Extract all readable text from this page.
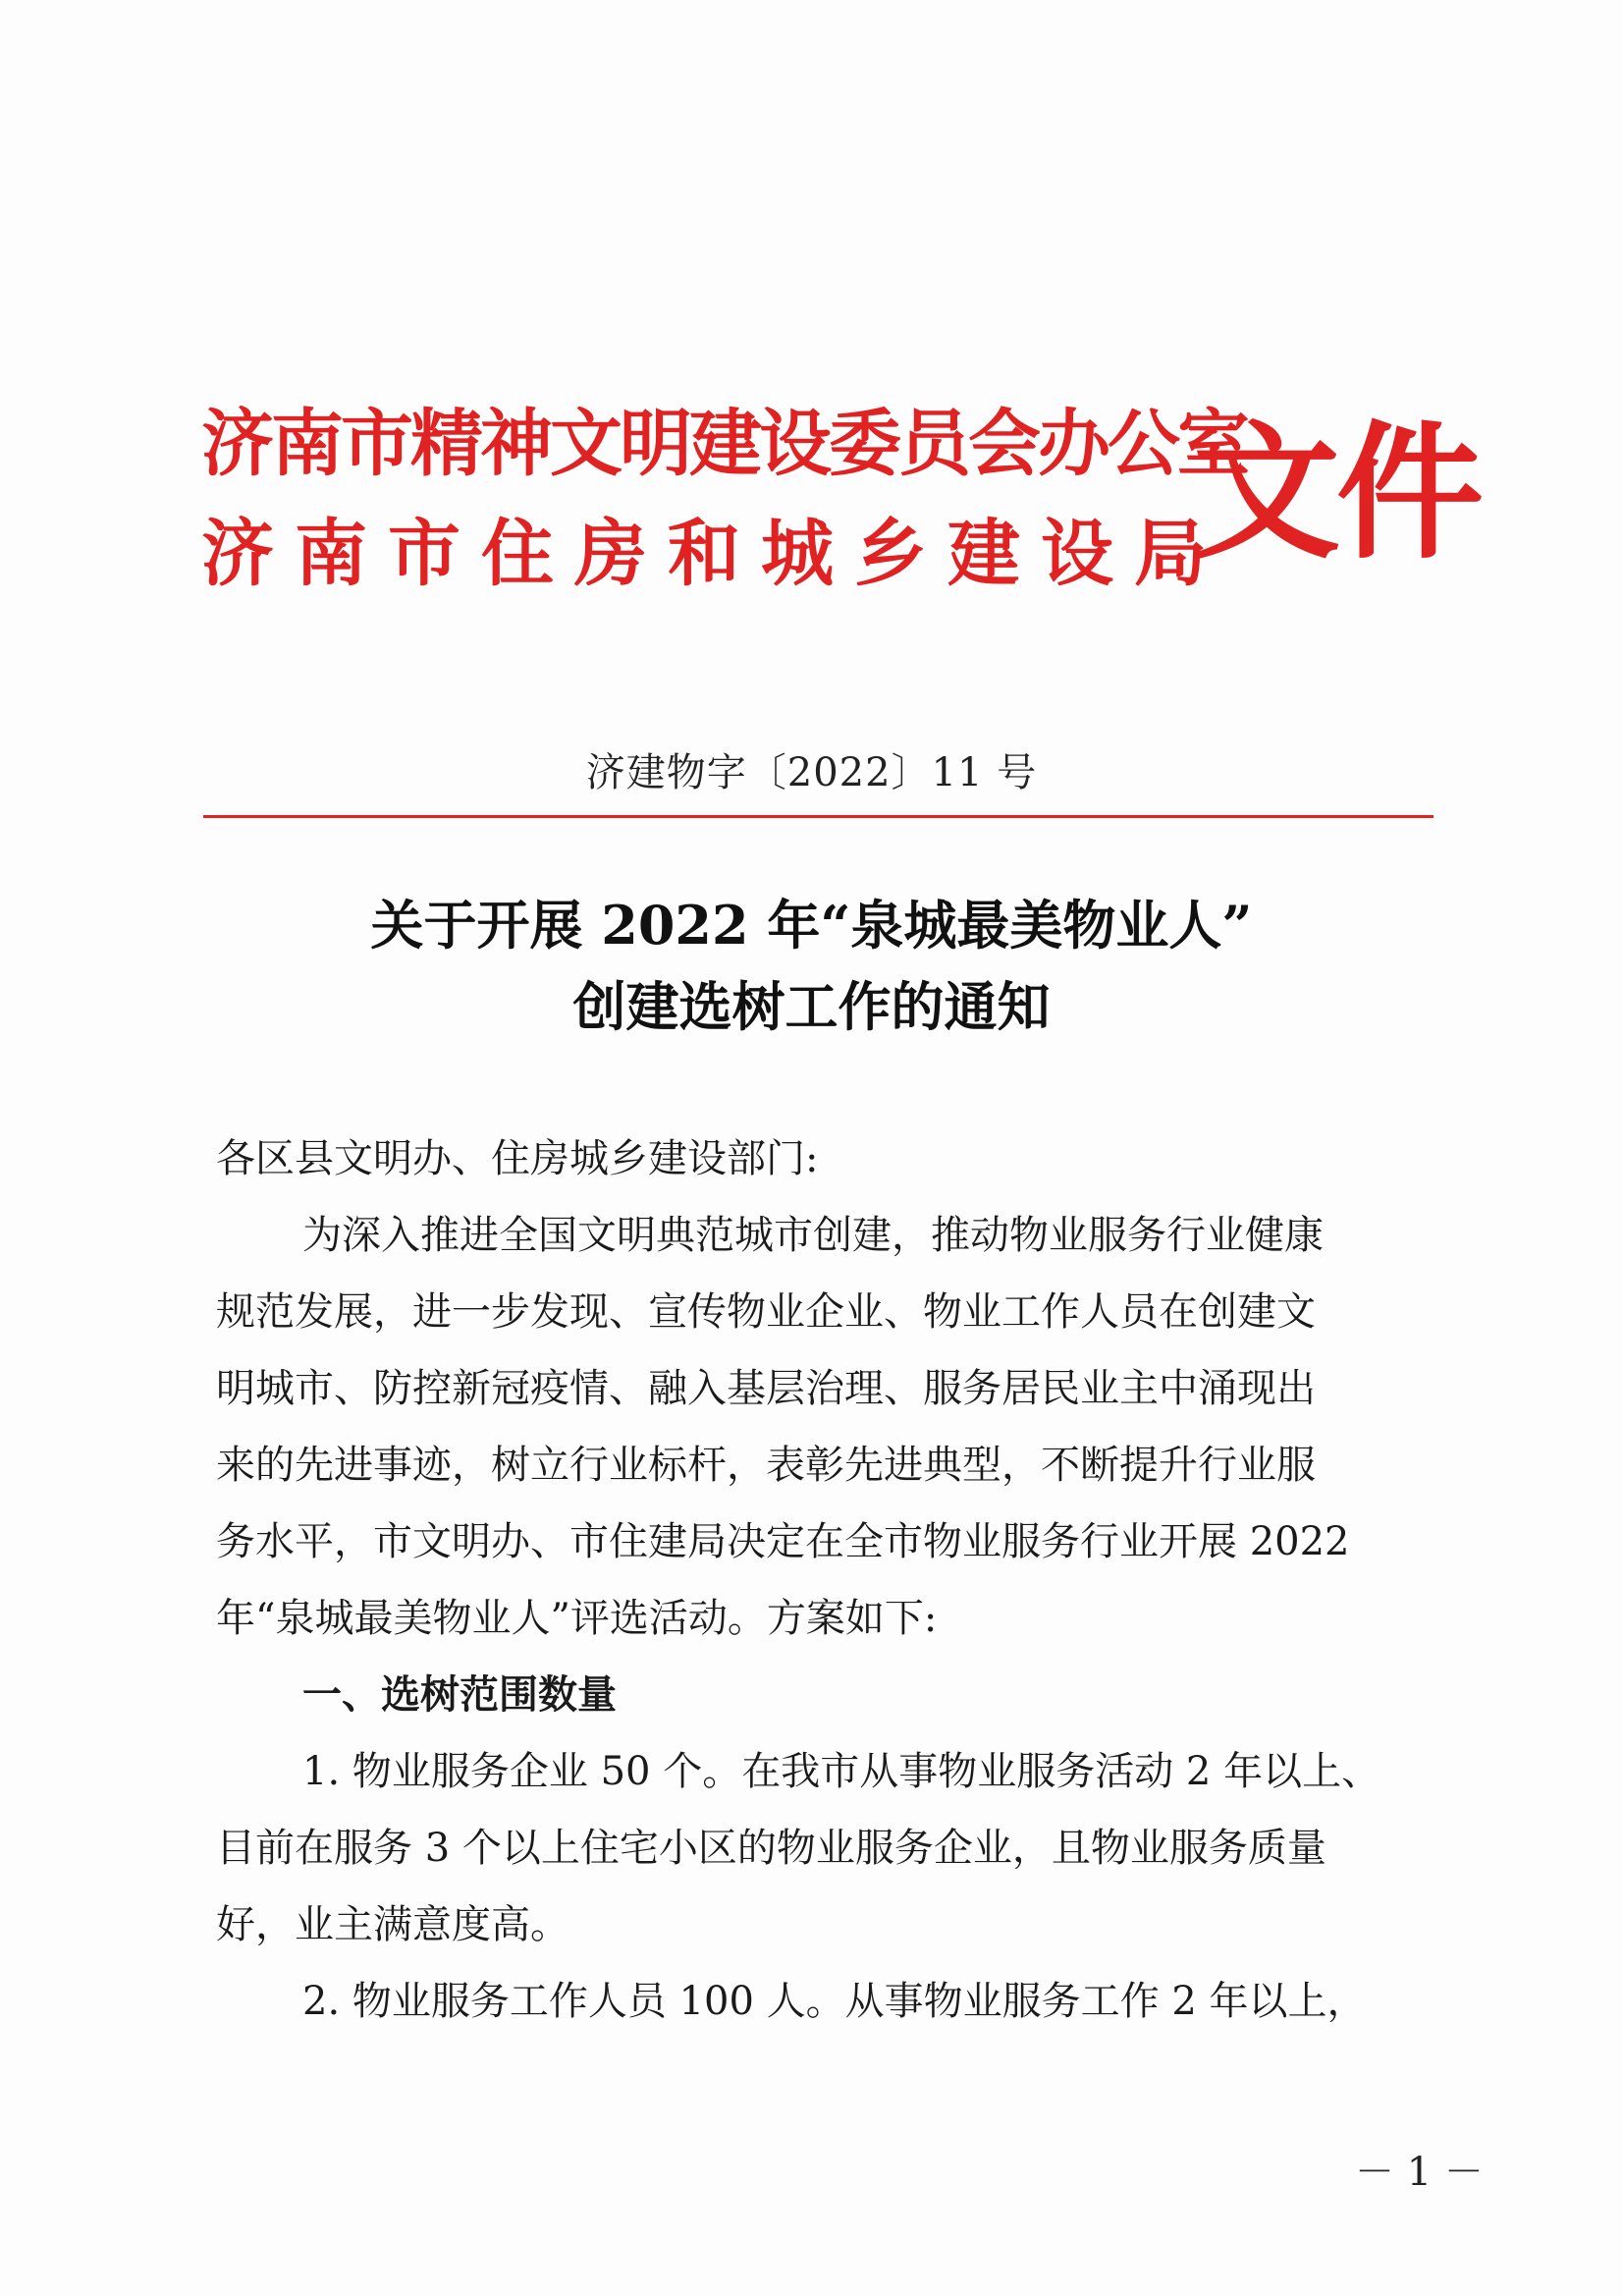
济南市精神文明建设委员会办公室
济南市住房和城乡建设局
文件
济建物字〔2022〕11 号
关于开展 2022 年“泉城最美物业人”
创建选树工作的通知
各区县文明办、住房城乡建设部门:
为深入推进全国文明典范城市创建，推动物业服务行业健康
规范发展，进一步发现、宣传物业企业、物业工作人员在创建文
明城市、防控新冠疫情、融入基层治理、服务居民业主中涌现出
来的先进事迹，树立行业标杆，表彰先进典型，不断提升行业服
务水平，市文明办、市住建局决定在全市物业服务行业开展 2022
年“泉城最美物业人”评选活动。方案如下:
一、选树范围数量
1. 物业服务企业 50 个。在我市从事物业服务活动 2 年以上、
目前在服务 3 个以上住宅小区的物业服务企业，且物业服务质量
好，业主满意度高。
2. 物业服务工作人员 100 人。从事物业服务工作 2 年以上，
－ 1 －
